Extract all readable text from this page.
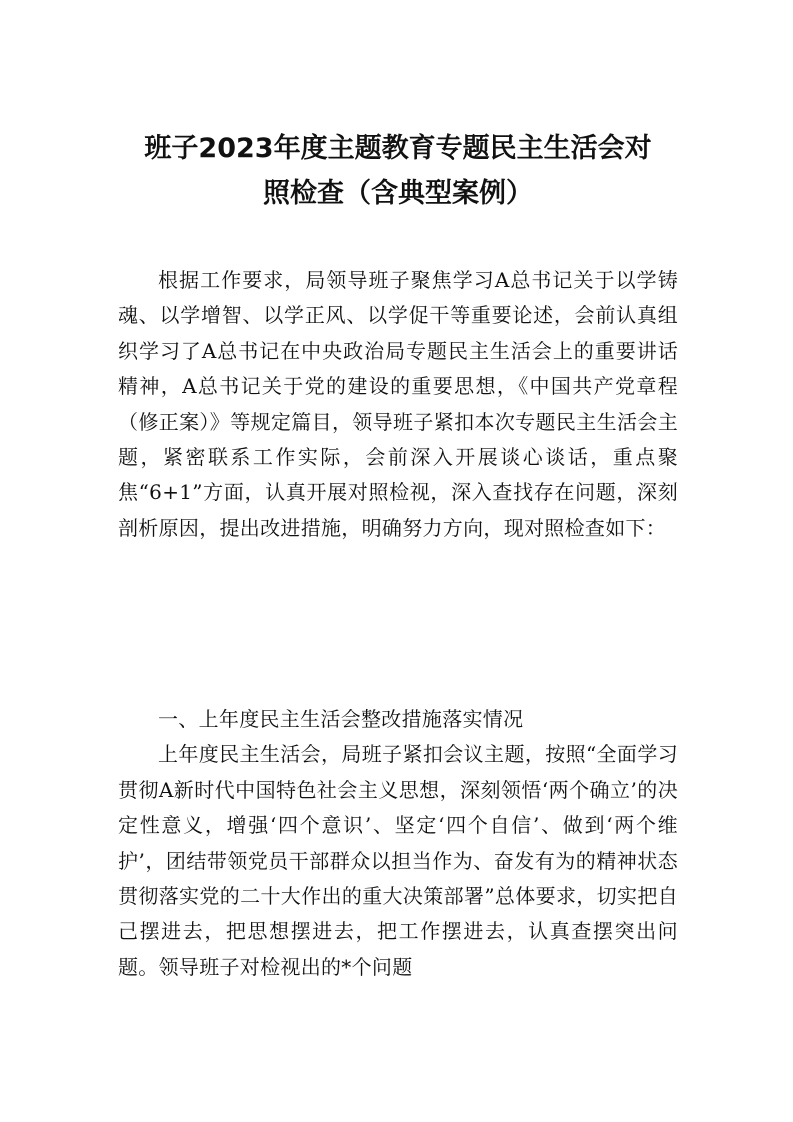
班子2023年度主题教育专题民主生活会对
照检查（含典型案例）

根据工作要求，局领导班子聚焦学习A总书记关于以学铸魂、以学增智、以学正风、以学促干等重要论述，会前认真组织学习了A总书记在中央政治局专题民主生活会上的重要讲话精神，A总书记关于党的建设的重要思想，《中国共产党章程（修正案）》等规定篇目，领导班子紧扣本次专题民主生活会主题，紧密联系工作实际，会前深入开展谈心谈话，重点聚焦“6+1”方面，认真开展对照检视，深入查找存在问题，深刻剖析原因，提出改进措施，明确努力方向，现对照检查如下：

一、上年度民主生活会整改措施落实情况

上年度民主生活会，局班子紧扣会议主题，按照“全面学习贯彻A新时代中国特色社会主义思想，深刻领悟‘两个确立’的决定性意义，增强‘四个意识’、坚定‘四个自信’、做到‘两个维护’，团结带领党员干部群众以担当作为、奋发有为的精神状态贯彻落实党的二十大作出的重大决策部署”总体要求，切实把自己摆进去，把思想摆进去，把工作摆进去，认真查摆突出问题。领导班子对检视出的*个问题
